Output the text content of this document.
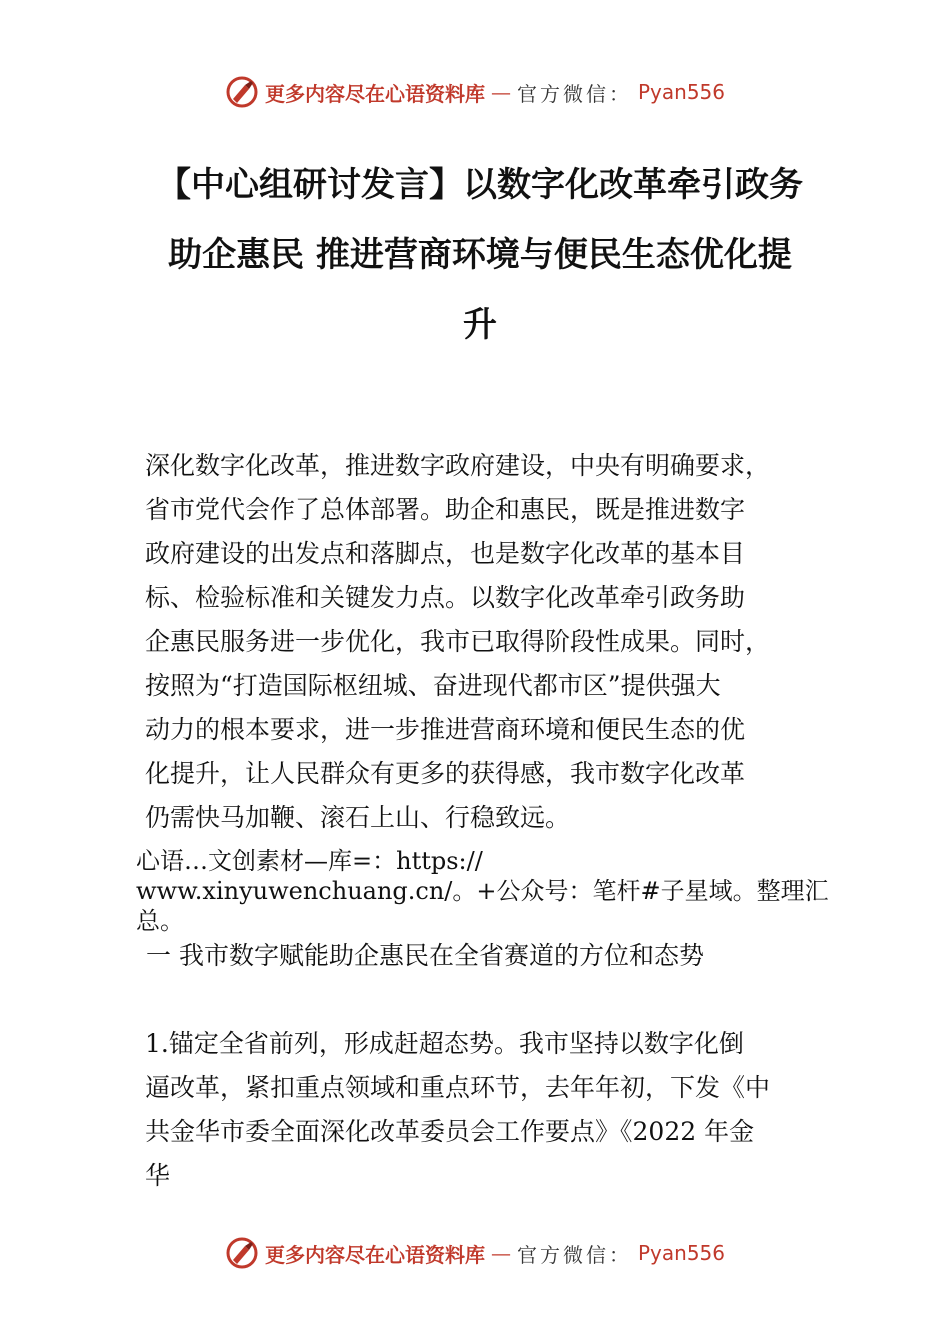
更多内容尽在心语资料库 — 官方微信： Pyan556
【中心组研讨发言】以数字化改革牵引政务
助企惠民 推进营商环境与便民生态优化提
升
深化数字化改革，推进数字政府建设，中央有明确要求，
省市党代会作了总体部署。助企和惠民，既是推进数字
政府建设的出发点和落脚点，也是数字化改革的基本目
标、检验标准和关键发力点。以数字化改革牵引政务助
企惠民服务进一步优化，我市已取得阶段性成果。同时，
按照为“打造国际枢纽城、奋进现代都市区”提供强大
动力的根本要求，进一步推进营商环境和便民生态的优
化提升，让人民群众有更多的获得感，我市数字化改革
仍需快马加鞭、滚石上山、行稳致远。
心语…文创素材—库=：https://
www.xinyuwenchuang.cn/。+公众号：笔杆#子星域。整理汇
总。
一 我市数字赋能助企惠民在全省赛道的方位和态势
1.锚定全省前列，形成赶超态势。我市坚持以数字化倒
逼改革，紧扣重点领域和重点环节，去年年初，下发《中
共金华市委全面深化改革委员会工作要点》《2022 年金
华
更多内容尽在心语资料库 — 官方微信： Pyan556
